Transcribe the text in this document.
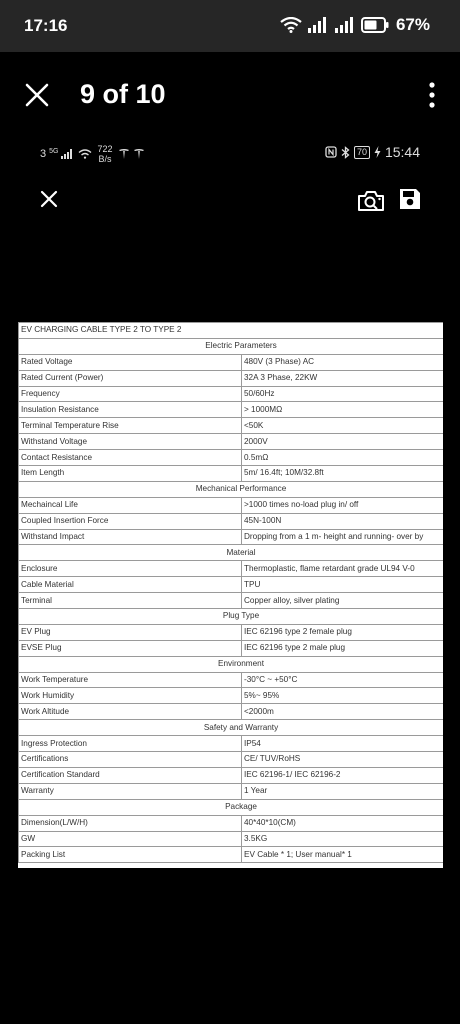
17:16	67%
9 of 10
3 5G	722
B/s
70 15:44
EV CHARGING CABLE TYPE 2 TO TYPE 2	
Electric Parameters	
Rated Voltage	480V (3 Phase) AC
Rated Current (Power)	32A 3 Phase, 22KW
Frequency	50/60Hz
Insulation Resistance	> 1000MΩ
Terminal Temperature Rise	<50K
Withstand Voltage	2000V
Contact Resistance	0.5mΩ
Item Length	5m/ 16.4ft; 10M/32.8ft
Mechanical Performance	
Mechaincal Life	>1000 times no-load plug in/ off
Coupled Insertion Force	45N-100N
Withstand Impact	Dropping from a 1 m- height and running- over by
Material	
Enclosure	Thermoplastic, flame retardant grade UL94 V-0
Cable Material	TPU
Terminal	Copper alloy, silver plating
Plug Type	
EV Plug	IEC 62196 type 2 female plug
EVSE Plug	IEC 62196 type 2 male plug
Environment	
Work Temperature	-30°C ~ +50°C
Work Humidity	5%~ 95%
Work Altitude	<2000m
Safety and Warranty	
Ingress Protection	IP54
Certifications	CE/ TUV/RoHS
Certification Standard	IEC 62196-1/ IEC 62196-2
Warranty	1 Year
Package	
Dimension(L/W/H)	40*40*10(CM)
GW	3.5KG
Packing List	EV Cable * 1; User manual* 1
